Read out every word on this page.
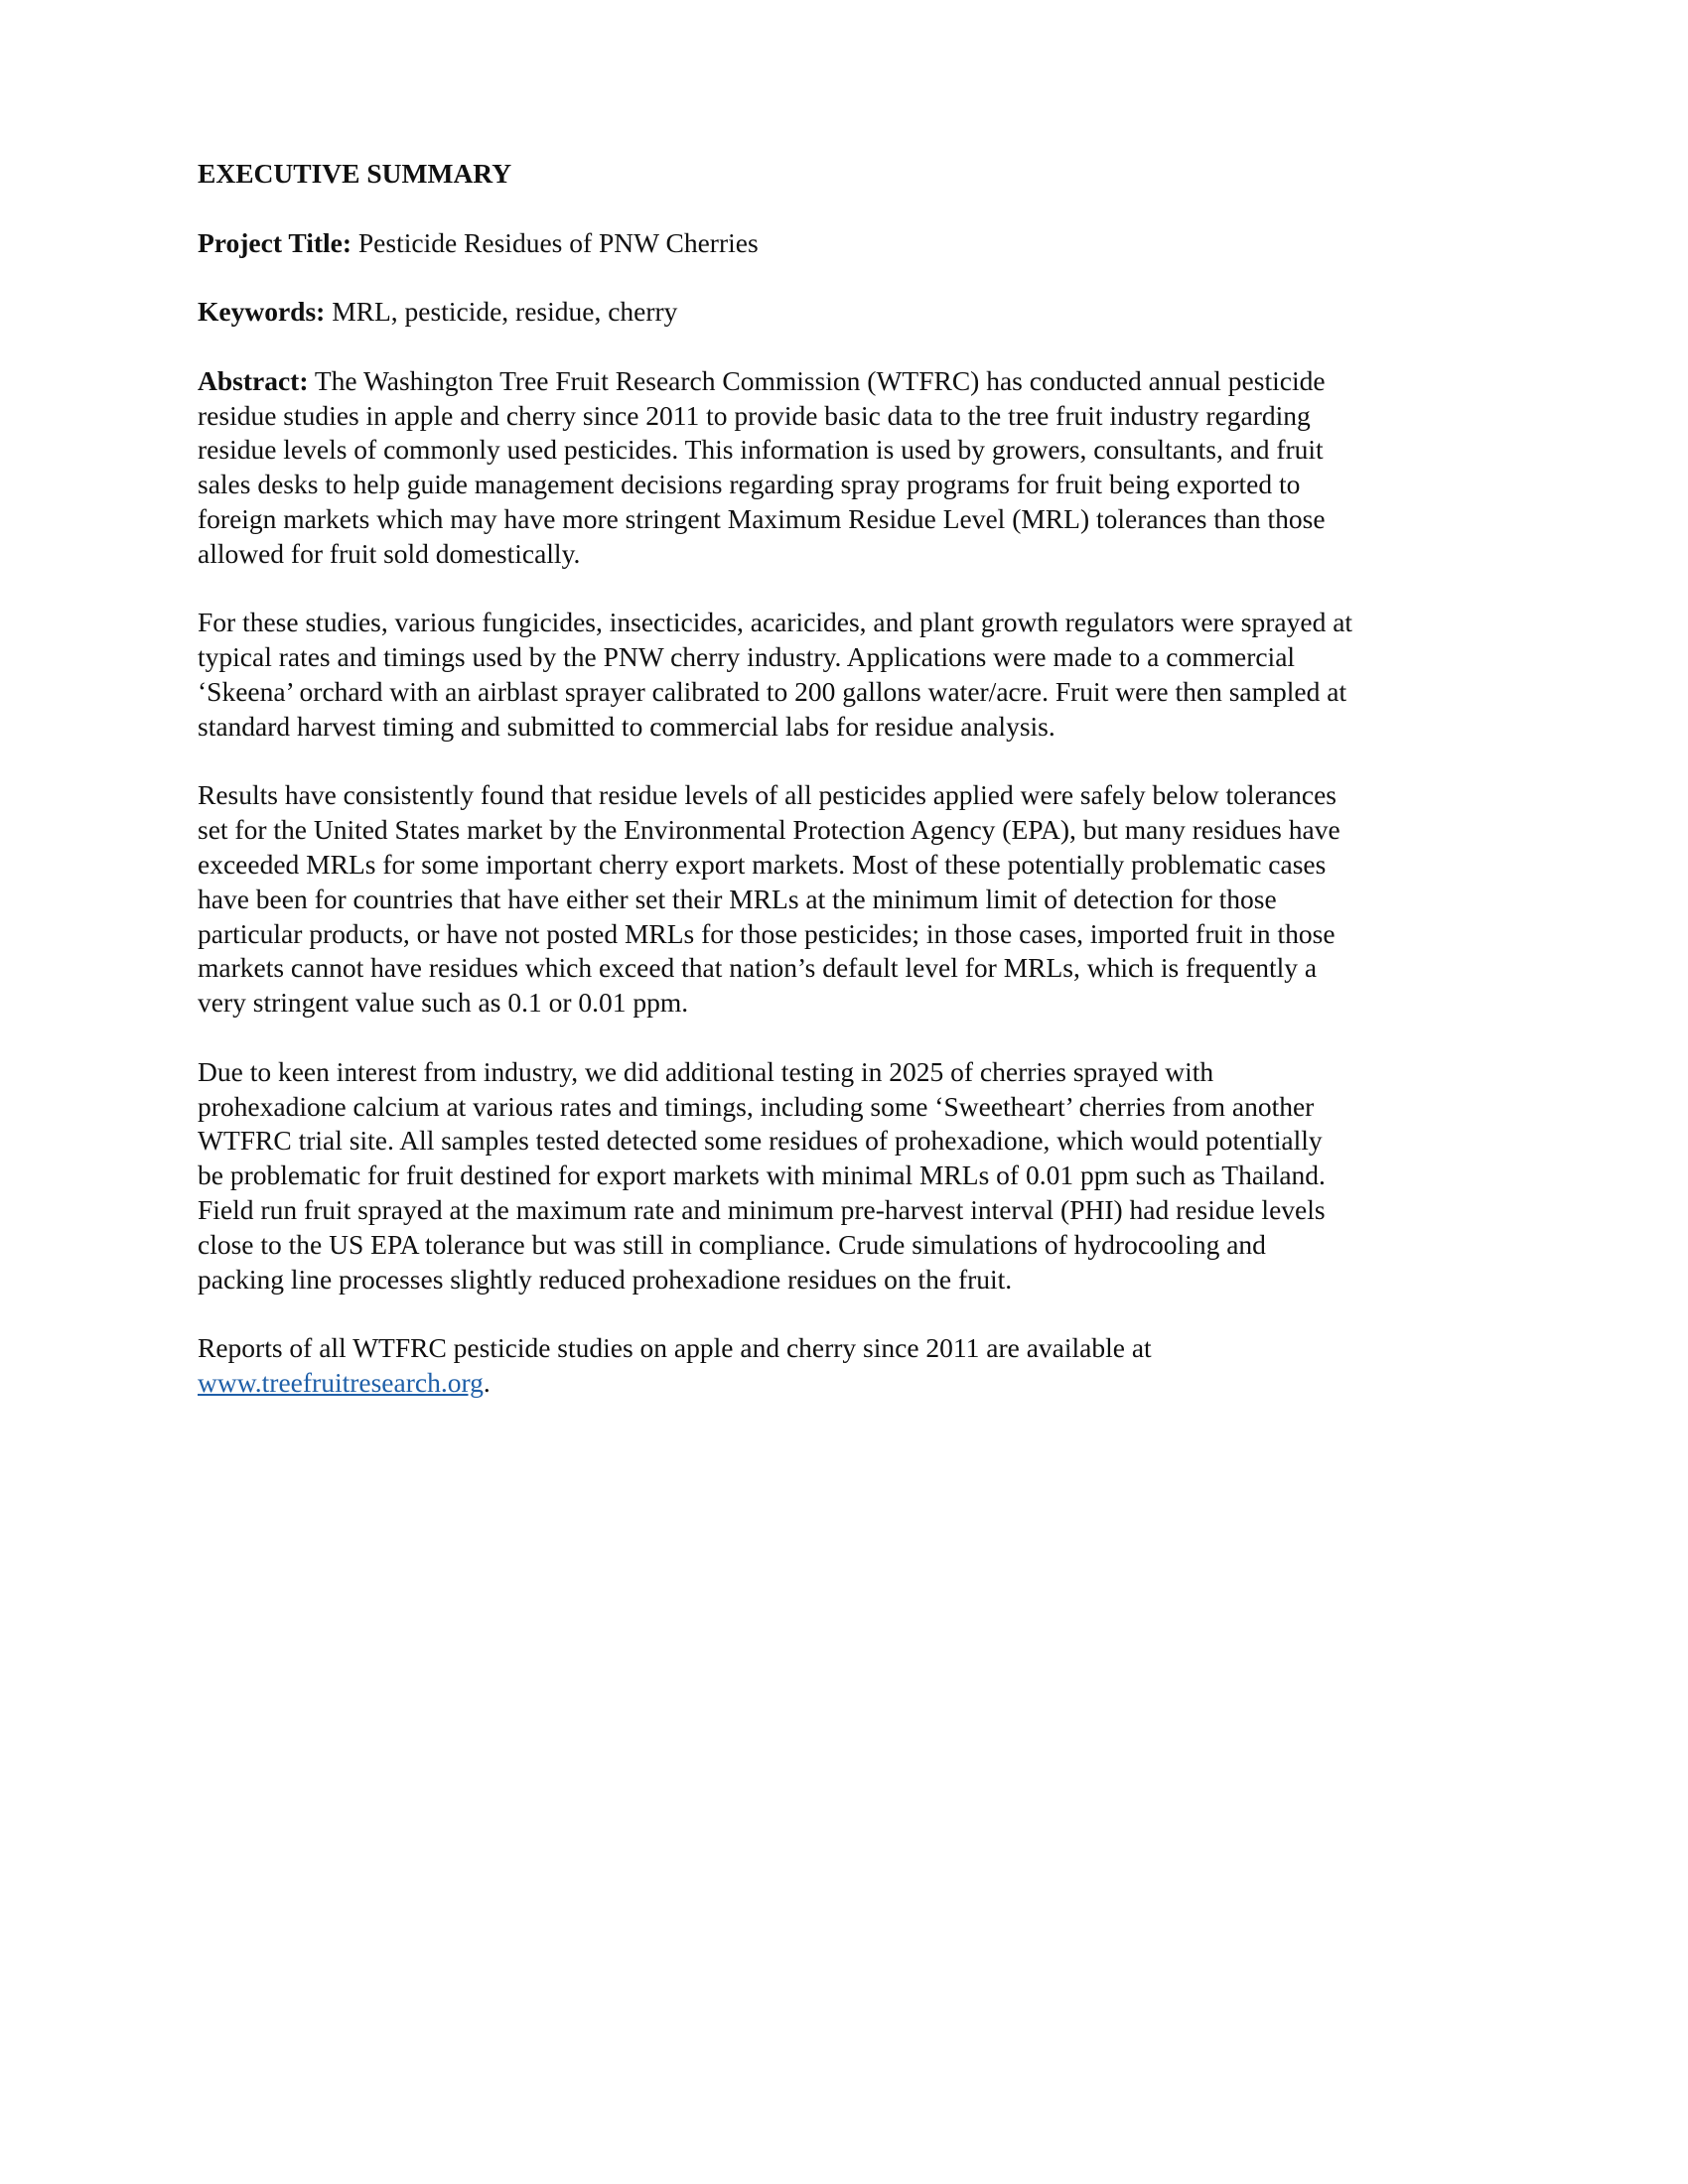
EXECUTIVE SUMMARY
Project Title: Pesticide Residues of PNW Cherries
Keywords: MRL, pesticide, residue, cherry
Abstract: The Washington Tree Fruit Research Commission (WTFRC) has conducted annual pesticide
residue studies in apple and cherry since 2011 to provide basic data to the tree fruit industry regarding
residue levels of commonly used pesticides. This information is used by growers, consultants, and fruit
sales desks to help guide management decisions regarding spray programs for fruit being exported to
foreign markets which may have more stringent Maximum Residue Level (MRL) tolerances than those
allowed for fruit sold domestically.
For these studies, various fungicides, insecticides, acaricides, and plant growth regulators were sprayed at
typical rates and timings used by the PNW cherry industry. Applications were made to a commercial
‘Skeena’ orchard with an airblast sprayer calibrated to 200 gallons water/acre. Fruit were then sampled at
standard harvest timing and submitted to commercial labs for residue analysis.
Results have consistently found that residue levels of all pesticides applied were safely below tolerances
set for the United States market by the Environmental Protection Agency (EPA), but many residues have
exceeded MRLs for some important cherry export markets. Most of these potentially problematic cases
have been for countries that have either set their MRLs at the minimum limit of detection for those
particular products, or have not posted MRLs for those pesticides; in those cases, imported fruit in those
markets cannot have residues which exceed that nation’s default level for MRLs, which is frequently a
very stringent value such as 0.1 or 0.01 ppm.
Due to keen interest from industry, we did additional testing in 2025 of cherries sprayed with
prohexadione calcium at various rates and timings, including some ‘Sweetheart’ cherries from another
WTFRC trial site. All samples tested detected some residues of prohexadione, which would potentially
be problematic for fruit destined for export markets with minimal MRLs of 0.01 ppm such as Thailand.
Field run fruit sprayed at the maximum rate and minimum pre-harvest interval (PHI) had residue levels
close to the US EPA tolerance but was still in compliance. Crude simulations of hydrocooling and
packing line processes slightly reduced prohexadione residues on the fruit.
Reports of all WTFRC pesticide studies on apple and cherry since 2011 are available at
www.treefruitresearch.org.
